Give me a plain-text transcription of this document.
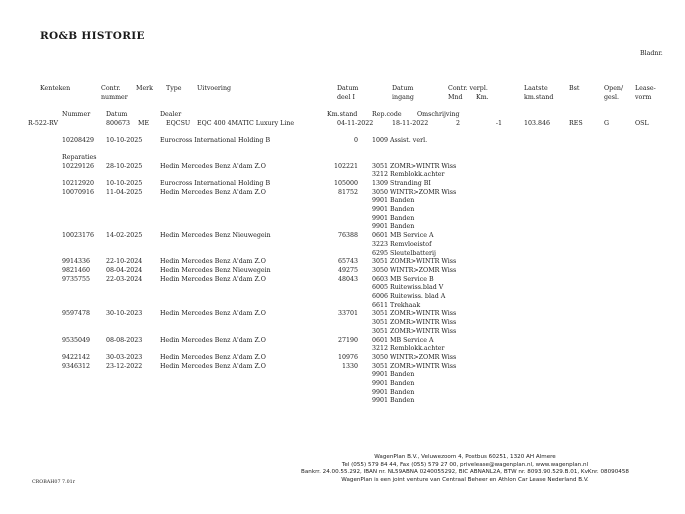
RO&B HISTORIE
Bladnr.
Kenteken	Contr.
nummer
Merk Type Uitvoering	Datum
deel I
Datum
ingang
Contr. verpl.
Mnd Km.
Laatste
km.stand
Bst	Open/
gesl.
Lease-
vorm
Nummer	Datum	Dealer	Km.stand Rep.code Omschrijving
R-522-RV	800673 ME	EQCSU EQC 400 4MATIC Luxury Line	04-11-2022	18-11-2022	2	-1	103.846	RES	G	OSL
10208429 10-10-2025	Eurocross International Holding B	0 1009 Assist. verl.
10229126 28-10-2025	Hedin Mercedes Benz A'dam Z.O	102221 3051 ZOMR>WINTR Wiss
3212 Remblokk.achter
10212920 10-10-2025	Eurocross International Holding B	105000 1309 Stranding BI
10070916 11-04-2025	Hedin Mercedes Benz A'dam Z.O	81752 3050 WINTR>ZOMR Wiss
9901 Banden
9901 Banden
9901 Banden
9901 Banden
10023176 14-02-2025	Hedin Mercedes Benz Nieuwegein	76388 0601 MB Service A
3223 Remvloeistof
6295 Sleutelbatterij
9914336	22-10-2024	Hedin Mercedes Benz A'dam Z.O	65743 3051 ZOMR>WINTR Wiss
9821460	08-04-2024	Hedin Mercedes Benz Nieuwegein	49275 3050 WINTR>ZOMR Wiss
9735755	22-03-2024	Hedin Mercedes Benz A'dam Z.O	48043 0603 MB Service B
6005 Ruitewiss.blad V
6006 Ruitewiss. blad A
6611 Trekhaak
9597478	30-10-2023	Hedin Mercedes Benz A'dam Z.O	33701 3051 ZOMR>WINTR Wiss
3051 ZOMR>WINTR Wiss
3051 ZOMR>WINTR Wiss
9535049	08-08-2023	Hedin Mercedes Benz A'dam Z.O	27190 0601 MB Service A
3212 Remblokk.achter
9422142	30-03-2023	Hedin Mercedes Benz A'dam Z.O	10976 3050 WINTR>ZOMR Wiss
9346312	23-12-2022	Hedin Mercedes Benz A'dam Z.O	1330 3051 ZOMR>WINTR Wiss
9901 Banden
9901 Banden
9901 Banden
9901 Banden
Reparaties
WagenPlan B.V., Veluwezoom 4, Postbus 60251, 1320 AH Almere
Tel (055) 579 84 44, Fax (055) 579 27 00, privelease@wagenplan.nl, www.wagenplan.nl
Bankrr. 24.00.55.292, IBAN nr. NL59ABNA 0240055292, BIC ABNANL2A, BTW nr. 8093.90.529.B.01, KvKnr. 08090458
WagenPlan is een joint venture van Centraal Beheer en Athlon Car Lease Nederland B.V.
CROBAH07 7.01r
